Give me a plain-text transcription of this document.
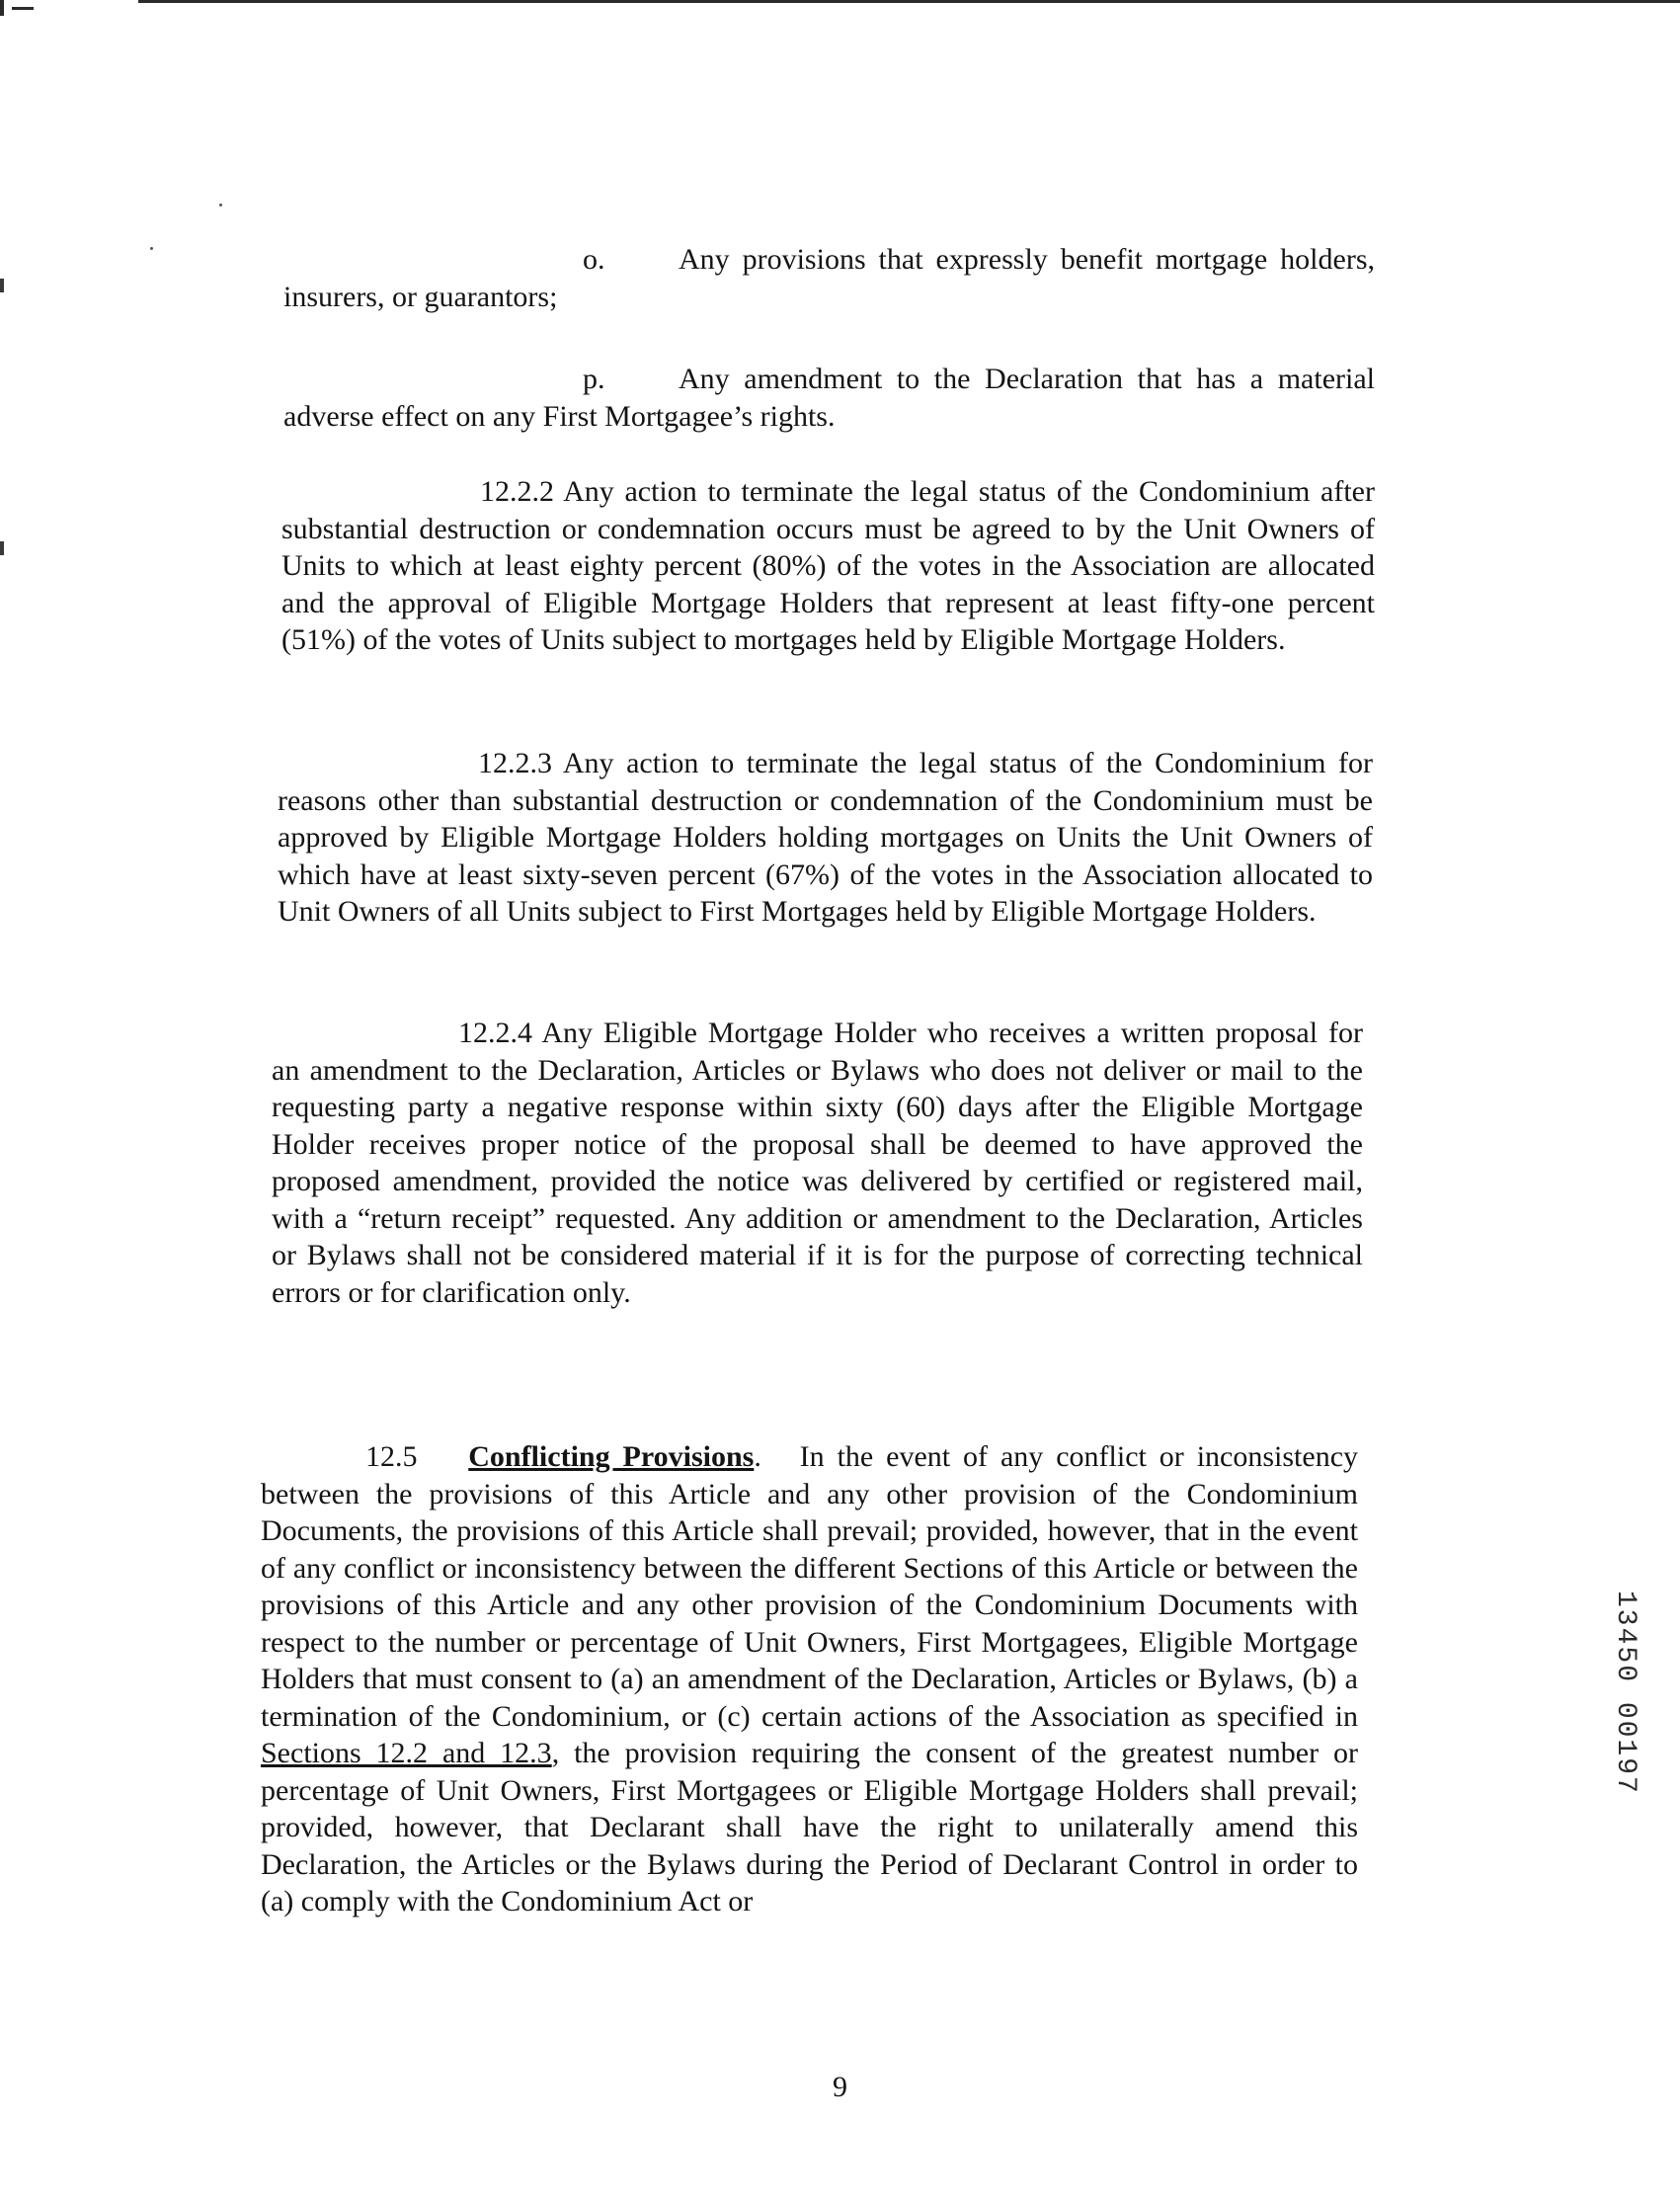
o. Any provisions that expressly benefit mortgage holders, insurers, or guarantors;

p. Any amendment to the Declaration that has a material adverse effect on any First Mortgagee’s rights.

12.2.2 Any action to terminate the legal status of the Condominium after substantial destruction or condemnation occurs must be agreed to by the Unit Owners of Units to which at least eighty percent (80%) of the votes in the Association are allocated and the approval of Eligible Mortgage Holders that represent at least fifty-one percent (51%) of the votes of Units subject to mortgages held by Eligible Mortgage Holders.

12.2.3 Any action to terminate the legal status of the Condominium for reasons other than substantial destruction or condemnation of the Condominium must be approved by Eligible Mortgage Holders holding mortgages on Units the Unit Owners of which have at least sixty-seven percent (67%) of the votes in the Association allocated to Unit Owners of all Units subject to First Mortgages held by Eligible Mortgage Holders.

12.2.4 Any Eligible Mortgage Holder who receives a written proposal for an amendment to the Declaration, Articles or Bylaws who does not deliver or mail to the requesting party a negative response within sixty (60) days after the Eligible Mortgage Holder receives proper notice of the proposal shall be deemed to have approved the proposed amendment, provided the notice was delivered by certified or registered mail, with a “return receipt” requested. Any addition or amendment to the Declaration, Articles or Bylaws shall not be considered material if it is for the purpose of correcting technical errors or for clarification only.

12.5 Conflicting Provisions.   In the event of any conflict or inconsistency between the provisions of this Article and any other provision of the Condominium Documents, the provisions of this Article shall prevail; provided, however, that in the event of any conflict or inconsistency between the different Sections of this Article or between the provisions of this Article and any other provision of the Condominium Documents with respect to the number or percentage of Unit Owners, First Mortgagees, Eligible Mortgage Holders that must consent to (a) an amendment of the Declaration, Articles or Bylaws, (b) a termination of the Condominium, or (c) certain actions of the Association as specified in Sections 12.2 and 12.3, the provision requiring the consent of the greatest number or percentage of Unit Owners, First Mortgagees or Eligible Mortgage Holders shall prevail; provided, however, that Declarant shall have the right to unilaterally amend this Declaration, the Articles or the Bylaws during the Period of Declarant Control in order to (a) comply with the Condominium Act or

9

13450 00197
